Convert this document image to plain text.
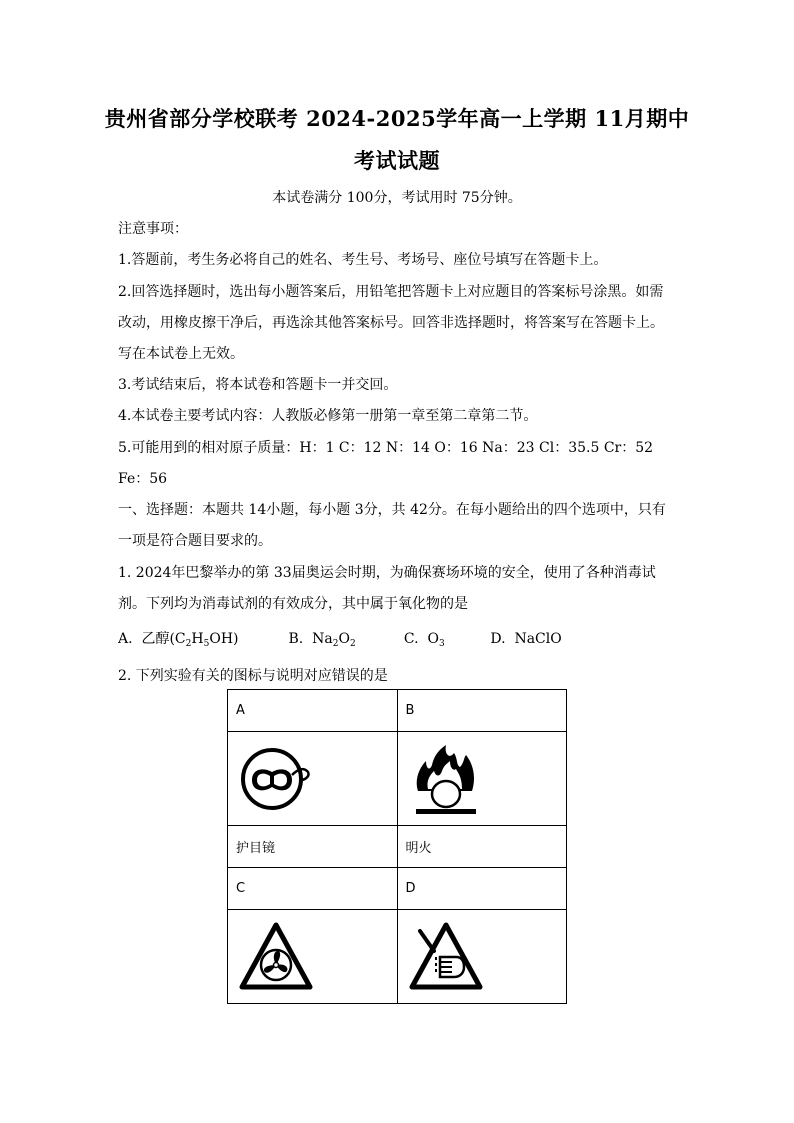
贵州省部分学校联考 2024-2025学年高一上学期 11月期中
考试试题
本试卷满分 100分，考试用时 75分钟。
注意事项：
1.答题前，考生务必将自己的姓名、考生号、考场号、座位号填写在答题卡上。
2.回答选择题时，选出每小题答案后，用铅笔把答题卡上对应题目的答案标号涂黑。如需
改动，用橡皮擦干净后，再选涂其他答案标号。回答非选择题时，将答案写在答题卡上。
写在本试卷上无效。
3.考试结束后，将本试卷和答题卡一并交回。
4.本试卷主要考试内容：人教版必修第一册第一章至第二章第二节。
5.可能用到的相对原子质量：H：1 C：12 N：14 O：16 Na：23 Cl：35.5 Cr：52
Fe：56
一、选择题：本题共 14小题，每小题 3分，共 42分。在每小题给出的四个选项中，只有
一项是符合题目要求的。
1. 2024年巴黎举办的第 33届奥运会时期，为确保赛场环境的安全，使用了各种消毒试
剂。下列均为消毒试剂的有效成分，其中属于氧化物的是
A. 乙醇$(C_2H_5OH)$	B. $Na_2O_2$	C. $O_3$	D. NaClO
2. 下列实验有关的图标与说明对应错误的是
A	B

护目镜	明火
C	D
